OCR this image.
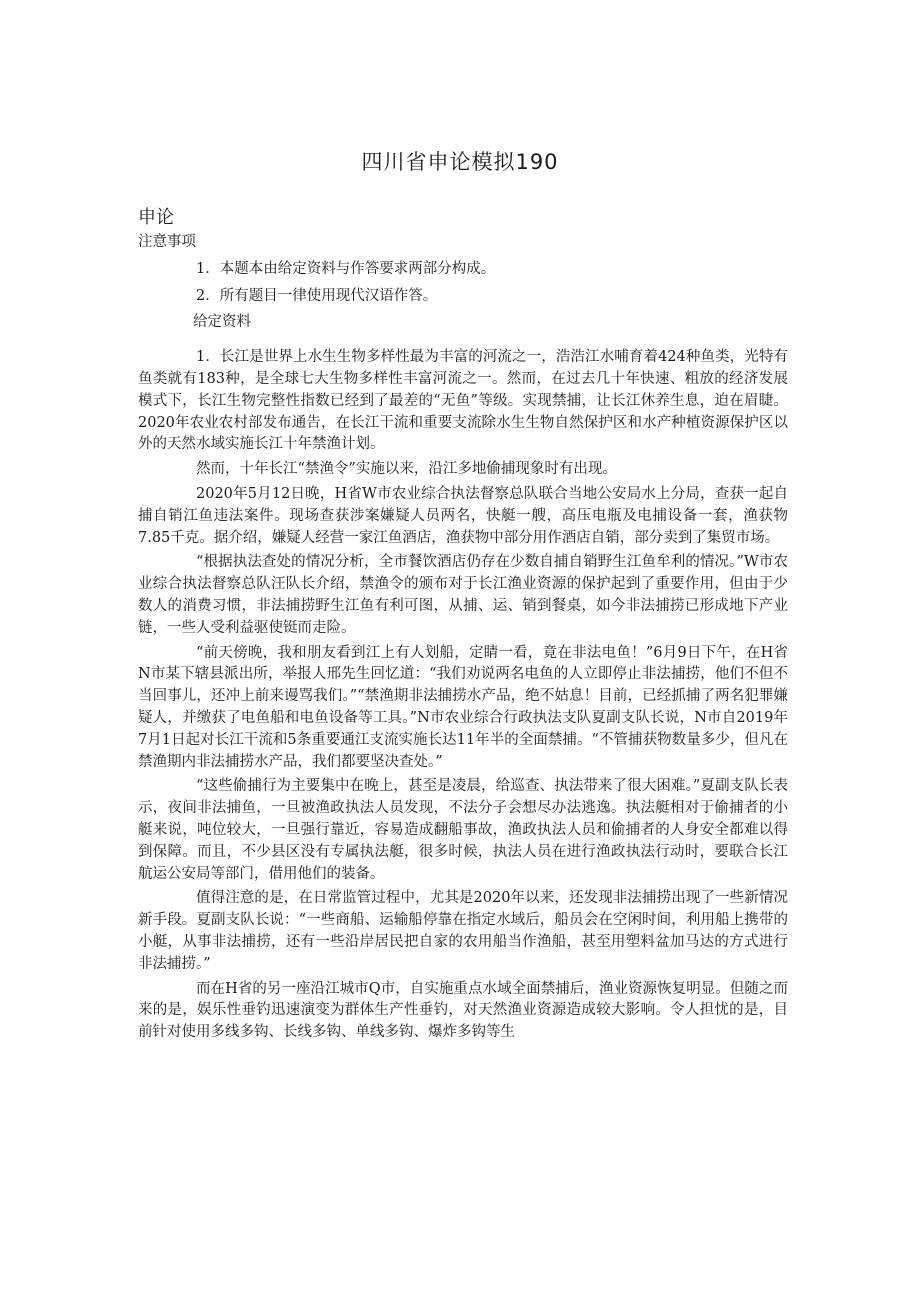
四川省申论模拟190
申论

注意事项

1．本题本由给定资料与作答要求两部分构成。

2．所有题目一律使用现代汉语作答。

给定资料

1．长江是世界上水生生物多样性最为丰富的河流之一，浩浩江水哺育着424种鱼类，光特有鱼类就有183种，是全球七大生物多样性丰富河流之一。然而，在过去几十年快速、粗放的经济发展模式下，长江生物完整性指数已经到了最差的“无鱼”等级。实现禁捕，让长江休养生息，迫在眉睫。2020年农业农村部发布通告，在长江干流和重要支流除水生生物自然保护区和水产种植资源保护区以外的天然水域实施长江十年禁渔计划。

然而，十年长江“禁渔令”实施以来，沿江多地偷捕现象时有出现。

2020年5月12日晚，H省W市农业综合执法督察总队联合当地公安局水上分局，查获一起自捕自销江鱼违法案件。现场查获涉案嫌疑人员两名，快艇一艘，高压电瓶及电捕设备一套，渔获物7.85千克。据介绍，嫌疑人经营一家江鱼酒店，渔获物中部分用作酒店自销，部分卖到了集贸市场。

“根据执法查处的情况分析，全市餐饮酒店仍存在少数自捕自销野生江鱼牟利的情况。”W市农业综合执法督察总队汪队长介绍，禁渔令的颁布对于长江渔业资源的保护起到了重要作用，但由于少数人的消费习惯，非法捕捞野生江鱼有利可图，从捕、运、销到餐桌，如今非法捕捞已形成地下产业链，一些人受利益驱使铤而走险。

“前天傍晚，我和朋友看到江上有人划船，定睛一看，竟在非法电鱼！”6月9日下午，在H省N市某下辖县派出所，举报人邢先生回忆道：“我们劝说两名电鱼的人立即停止非法捕捞，他们不但不当回事儿，还冲上前来谩骂我们。”“禁渔期非法捕捞水产品，绝不姑息！目前，已经抓捕了两名犯罪嫌疑人，并缴获了电鱼船和电鱼设备等工具。”N市农业综合行政执法支队夏副支队长说，N市自2019年7月1日起对长江干流和5条重要通江支流实施长达11年半的全面禁捕。“不管捕获物数量多少，但凡在禁渔期内非法捕捞水产品，我们都要坚决查处。”

“这些偷捕行为主要集中在晚上，甚至是凌晨，给巡查、执法带来了很大困难。”夏副支队长表示，夜间非法捕鱼，一旦被渔政执法人员发现，不法分子会想尽办法逃逸。执法艇相对于偷捕者的小艇来说，吨位较大，一旦强行靠近，容易造成翻船事故，渔政执法人员和偷捕者的人身安全都难以得到保障。而且，不少县区没有专属执法艇，很多时候，执法人员在进行渔政执法行动时，要联合长江航运公安局等部门，借用他们的装备。

值得注意的是，在日常监管过程中，尤其是2020年以来，还发现非法捕捞出现了一些新情况新手段。夏副支队长说：“一些商船、运输船停靠在指定水域后，船员会在空闲时间，利用船上携带的小艇，从事非法捕捞，还有一些沿岸居民把自家的农用船当作渔船，甚至用塑料盆加马达的方式进行非法捕捞。”

而在H省的另一座沿江城市Q市，自实施重点水域全面禁捕后，渔业资源恢复明显。但随之而来的是，娱乐性垂钓迅速演变为群体生产性垂钓，对天然渔业资源造成较大影响。令人担忧的是，目前针对使用多线多钩、长线多钩、单线多钩、爆炸多钩等生
